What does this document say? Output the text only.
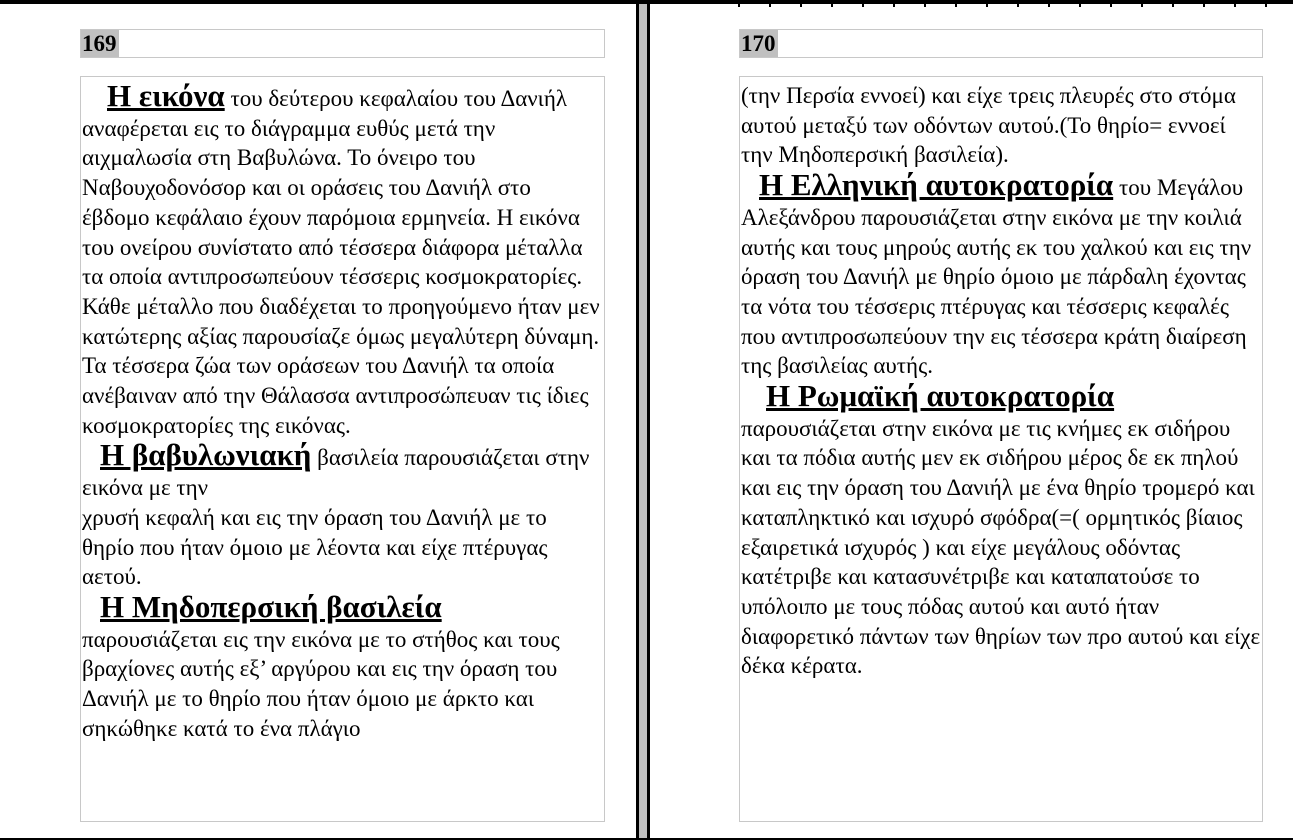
169

Η εικόνα του δεύτερου κεφαλαίου του Δανιήλ αναφέρεται εις το διάγραμμα ευθύς μετά την αιχμαλωσία στη Βαβυλώνα. Το όνειρο του Ναβουχοδονόσορ και οι οράσεις του Δανιήλ στο έβδομο κεφάλαιο έχουν παρόμοια ερμηνεία. Η εικόνα του ονείρου συνίστατο από τέσσερα διάφορα μέταλλα τα οποία αντιπροσωπεύουν τέσσερις κοσμοκρατορίες. Κάθε μέταλλο που διαδέχεται το προηγούμενο ήταν μεν κατώτερης αξίας παρουσίαζε όμως μεγαλύτερη δύναμη. Τα τέσσερα ζώα των οράσεων του Δανιήλ τα οποία ανέβαιναν από την Θάλασσα αντιπροσώπευαν τις ίδιες κοσμοκρατορίες της εικόνας.

Η βαβυλωνιακή βασιλεία παρουσιάζεται στην εικόνα με την

χρυσή κεφαλή και εις την όραση του Δανιήλ με το θηρίο που ήταν όμοιο με λέοντα και είχε πτέρυγας αετού.

Η Μηδοπερσική βασιλεία

παρουσιάζεται εις την εικόνα με το στήθος και τους βραχίονες αυτής εξ’ αργύρου και εις την όραση του Δανιήλ με το θηρίο που ήταν όμοιο με άρκτο και σηκώθηκε κατά το ένα πλάγιο

170

(την Περσία εννοεί) και είχε τρεις πλευρές στο στόμα αυτού μεταξύ των οδόντων αυτού.(Το θηρίο= εννοεί την Μηδοπερσική βασιλεία).

Η Ελληνική αυτοκρατορία του Μεγάλου Αλεξάνδρου παρουσιάζεται στην εικόνα με την κοιλιά αυτής και τους μηρούς αυτής εκ του χαλκού και εις την όραση του Δανιήλ με θηρίο όμοιο με πάρδαλη έχοντας τα νότα του τέσσερις πτέρυγας και τέσσερις κεφαλές που αντιπροσωπεύουν την εις τέσσερα κράτη διαίρεση της βασιλείας αυτής.

Η Ρωμαϊκή αυτοκρατορία

παρουσιάζεται στην εικόνα με τις κνήμες εκ σιδήρου και τα πόδια αυτής μεν εκ σιδήρου μέρος δε εκ πηλού και εις την όραση του Δανιήλ με ένα θηρίο τρομερό και καταπληκτικό και ισχυρό σφόδρα(=( ορμητικός βίαιος εξαιρετικά ισχυρός ) και είχε μεγάλους οδόντας κατέτριβε και κατασυνέτριβε και καταπατούσε το υπόλοιπο με τους πόδας αυτού και αυτό ήταν διαφορετικό πάντων των θηρίων των προ αυτού και είχε δέκα κέρατα.
